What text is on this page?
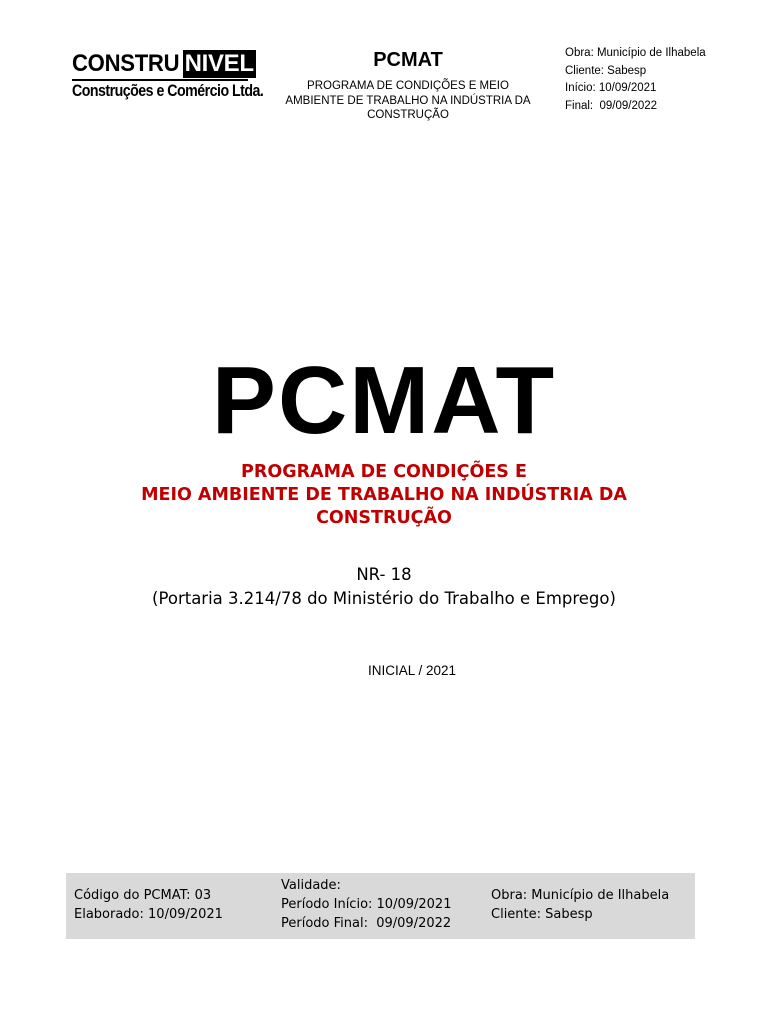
CONSTRU NIVEL
Construções e Comércio Ltda.
PCMAT
PROGRAMA DE CONDIÇÕES E MEIO
AMBIENTE DE TRABALHO NA INDÚSTRIA DA
CONSTRUÇÃO
Obra: Município de Ilhabela
Cliente: Sabesp
Início: 10/09/2021
Final:  09/09/2022
PCMAT
PROGRAMA DE CONDIÇÕES E
MEIO AMBIENTE DE TRABALHO NA INDÚSTRIA DA
CONSTRUÇÃO
NR- 18
(Portaria 3.214/78 do Ministério do Trabalho e Emprego)
INICIAL / 2021
Código do PCMAT: 03
Elaborado: 10/09/2021
Validade:
Período Início: 10/09/2021
Período Final:  09/09/2022
Obra: Município de Ilhabela
Cliente: Sabesp
